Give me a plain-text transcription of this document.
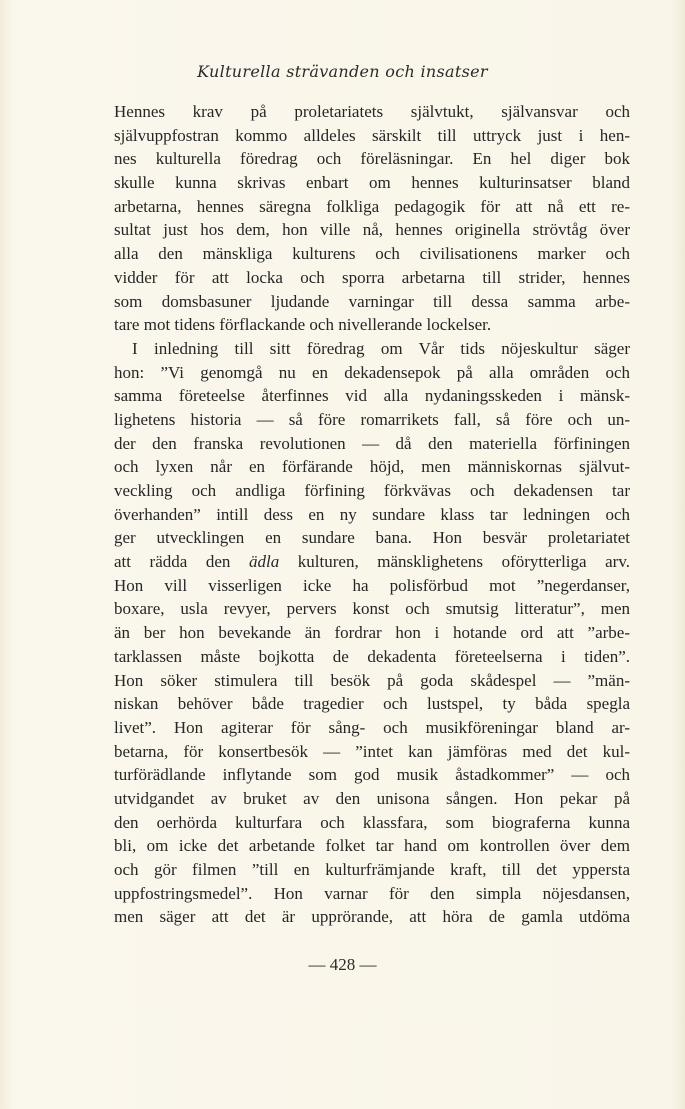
Kulturella strävanden och insatser
Hennes krav på proletariatets självtukt, självansvar och
självuppfostran kommo alldeles särskilt till uttryck just i hen-
nes kulturella föredrag och föreläsningar. En hel diger bok
skulle kunna skrivas enbart om hennes kulturinsatser bland
arbetarna, hennes säregna folkliga pedagogik för att nå ett re-
sultat just hos dem, hon ville nå, hennes originella strövtåg över
alla den mänskliga kulturens och civilisationens marker och
vidder för att locka och sporra arbetarna till strider, hennes
som domsbasuner ljudande varningar till dessa samma arbe-
tare mot tidens förflackande och nivellerande lockelser.
I inledning till sitt föredrag om Vår tids nöjeskultur säger
hon: ”Vi genomgå nu en dekadensepok på alla områden och
samma företeelse återfinnes vid alla nydaningsskeden i mänsk-
lighetens historia — så före romarrikets fall, så före och un-
der den franska revolutionen — då den materiella förfiningen
och lyxen når en förfärande höjd, men människornas självut-
veckling och andliga förfining förkvävas och dekadensen tar
överhanden” intill dess en ny sundare klass tar ledningen och
ger utvecklingen en sundare bana. Hon besvär proletariatet
att rädda den ädla kulturen, mänsklighetens oförytterliga arv.
Hon vill visserligen icke ha polisförbud mot ”negerdanser,
boxare, usla revyer, pervers konst och smutsig litteratur”, men
än ber hon bevekande än fordrar hon i hotande ord att ”arbe-
tarklassen måste bojkotta de dekadenta företeelserna i tiden”.
Hon söker stimulera till besök på goda skådespel — ”män-
niskan behöver både tragedier och lustspel, ty båda spegla
livet”. Hon agiterar för sång- och musikföreningar bland ar-
betarna, för konsertbesök — ”intet kan jämföras med det kul-
turförädlande inflytande som god musik åstadkommer” — och
utvidgandet av bruket av den unisona sången. Hon pekar på
den oerhörda kulturfara och klassfara, som biograferna kunna
bli, om icke det arbetande folket tar hand om kontrollen över dem
och gör filmen ”till en kulturfrämjande kraft, till det yppersta
uppfostringsmedel”. Hon varnar för den simpla nöjesdansen,
men säger att det är upprörande, att höra de gamla utdöma
— 428 —
